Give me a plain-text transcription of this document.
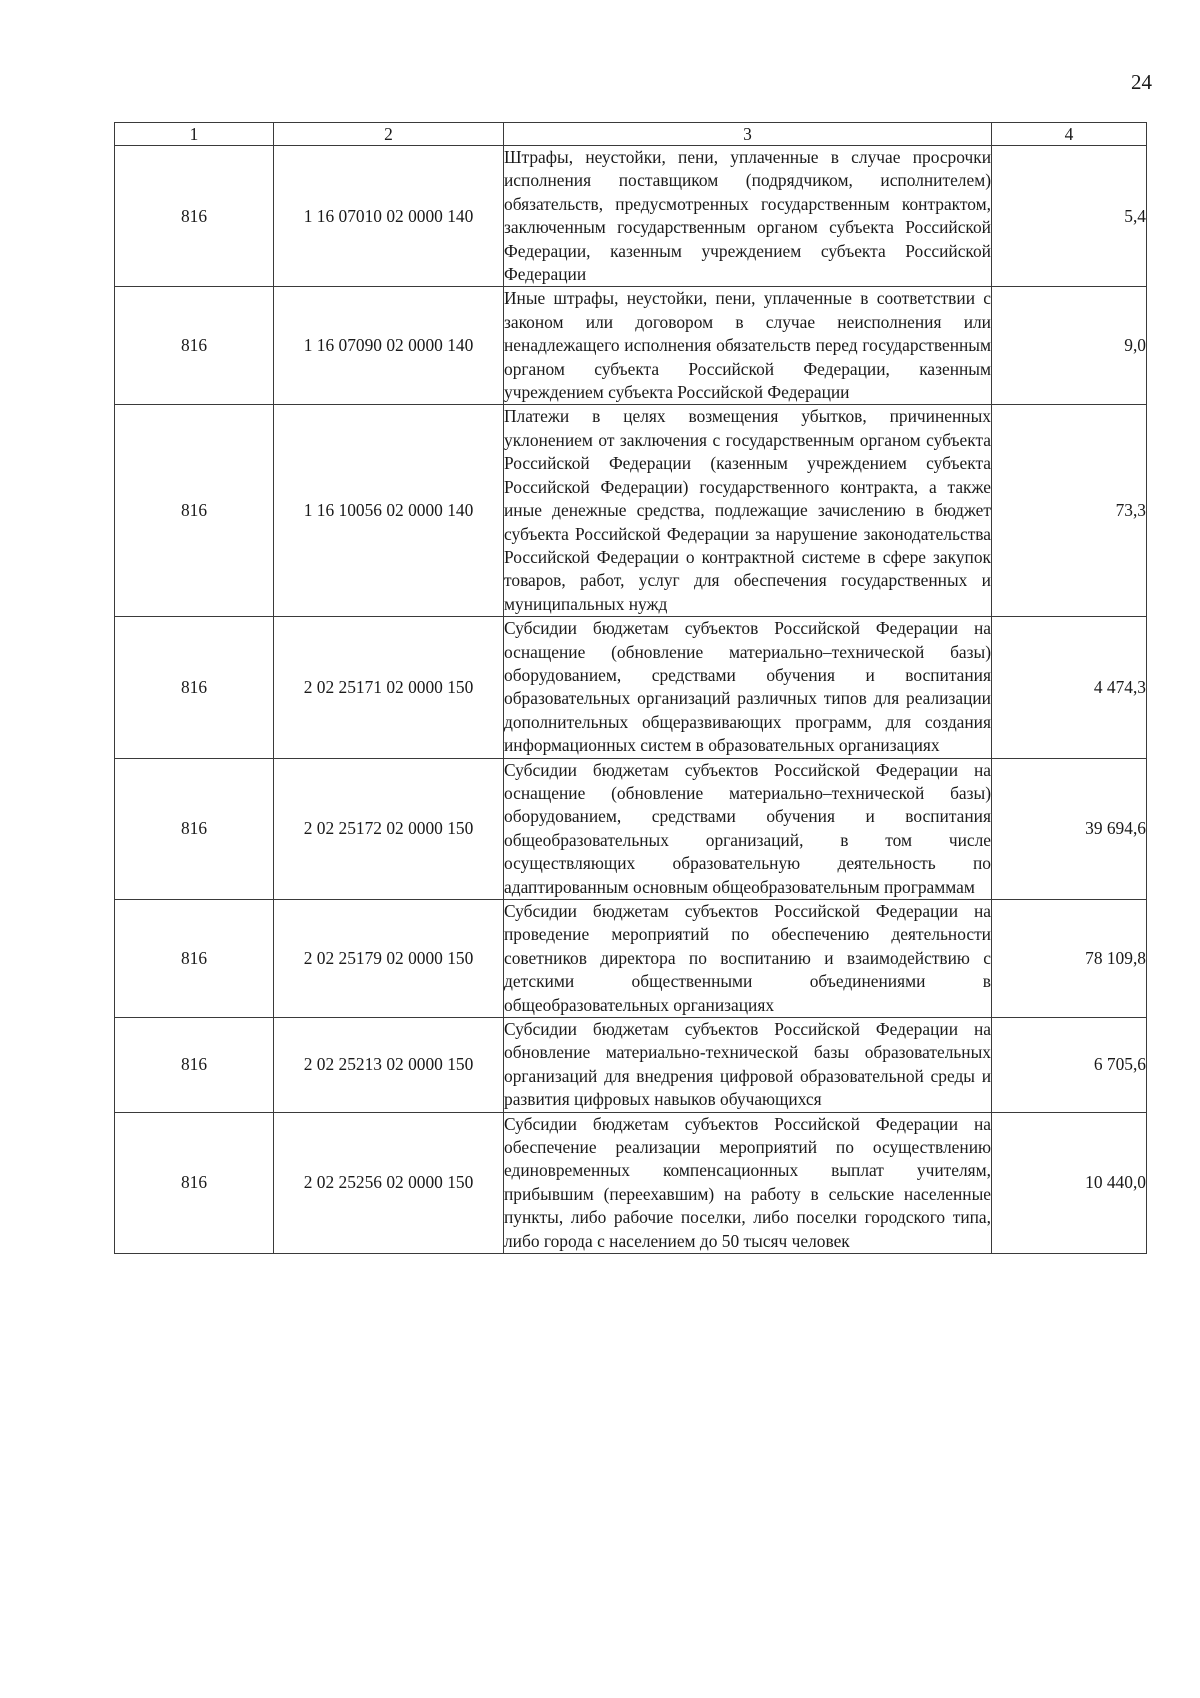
24
1	2	3	4
816	1 16 07010 02 0000 140	Штрафы, неустойки, пени, уплаченные в случае просрочки исполнения поставщиком (подрядчиком, исполнителем) обязательств, предусмотренных государственным контрактом, заключенным государственным органом субъекта Российской Федерации, казенным учреждением субъекта Российской Федерации	5,4
816	1 16 07090 02 0000 140	Иные штрафы, неустойки, пени, уплаченные в соответствии с законом или договором в случае неисполнения или ненадлежащего исполнения обязательств перед государственным органом субъекта Российской Федерации, казенным учреждением субъекта Российской Федерации	9,0
816	1 16 10056 02 0000 140	Платежи в целях возмещения убытков, причиненных уклонением от заключения с государственным органом субъекта Российской Федерации (казенным учреждением субъекта Российской Федерации) государственного контракта, а также иные денежные средства, подлежащие зачислению в бюджет субъекта Российской Федерации за нарушение законодательства Российской Федерации о контрактной системе в сфере закупок товаров, работ, услуг для обеспечения государственных и муниципальных нужд	73,3
816	2 02 25171 02 0000 150	Субсидии бюджетам субъектов Российской Федерации на оснащение (обновление материально–технической базы) оборудованием, средствами обучения и воспитания образовательных организаций различных типов для реализации дополнительных общеразвивающих программ, для создания информационных систем в образовательных организациях	4 474,3
816	2 02 25172 02 0000 150	Субсидии бюджетам субъектов Российской Федерации на оснащение (обновление материально–технической базы) оборудованием, средствами обучения и воспитания общеобразовательных организаций, в том числе осуществляющих образовательную деятельность по адаптированным основным общеобразовательным программам	39 694,6
816	2 02 25179 02 0000 150	Субсидии бюджетам субъектов Российской Федерации на проведение мероприятий по обеспечению деятельности советников директора по воспитанию и взаимодействию с детскими общественными объединениями в общеобразовательных организациях	78 109,8
816	2 02 25213 02 0000 150	Субсидии бюджетам субъектов Российской Федерации на обновление материально-технической базы образовательных организаций для внедрения цифровой образовательной среды и развития цифровых навыков обучающихся	6 705,6
816	2 02 25256 02 0000 150	Субсидии бюджетам субъектов Российской Федерации на обеспечение реализации мероприятий по осуществлению единовременных компенсационных выплат учителям, прибывшим (переехавшим) на работу в сельские населенные пункты, либо рабочие поселки, либо поселки городского типа, либо города с населением до 50 тысяч человек	10 440,0
